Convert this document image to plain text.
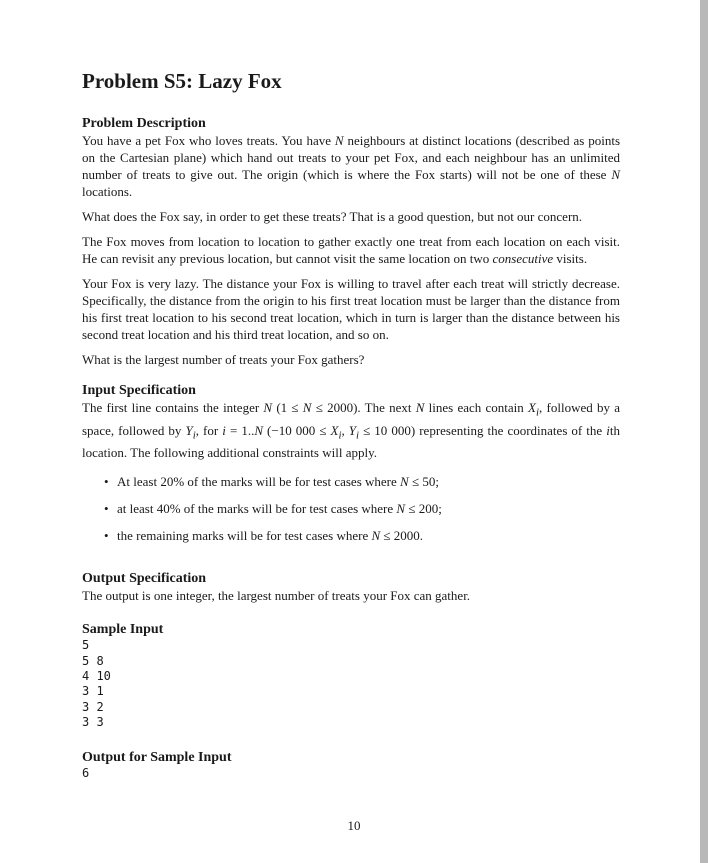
Problem S5: Lazy Fox
Problem Description

You have a pet Fox who loves treats. You have N neighbours at distinct locations (described as points on the Cartesian plane) which hand out treats to your pet Fox, and each neighbour has an unlimited number of treats to give out. The origin (which is where the Fox starts) will not be one of these N locations.

What does the Fox say, in order to get these treats? That is a good question, but not our concern.

The Fox moves from location to location to gather exactly one treat from each location on each visit. He can revisit any previous location, but cannot visit the same location on two consecutive visits.

Your Fox is very lazy. The distance your Fox is willing to travel after each treat will strictly decrease. Specifically, the distance from the origin to his first treat location must be larger than the distance from his first treat location to his second treat location, which in turn is larger than the distance between his second treat location and his third treat location, and so on.

What is the largest number of treats your Fox gathers?

Input Specification

The first line contains the integer N (1 ≤ N ≤ 2000). The next N lines each contain $X_i$, followed by a space, followed by $Y_i$, for i = 1..N (−10 $000 \le X_i$, $Y_i \le 10$ 000) representing the coordinates of the ith location. The following additional constraints will apply.

• At least 20% of the marks will be for test cases where N ≤ 50;
• at least 40% of the marks will be for test cases where N ≤ 200;
• the remaining marks will be for test cases where N ≤ 2000.
Output Specification

The output is one integer, the largest number of treats your Fox can gather.

Sample Input
5
5 8
4 10
3 1
3 2
3 3
Output for Sample Input
6
10
